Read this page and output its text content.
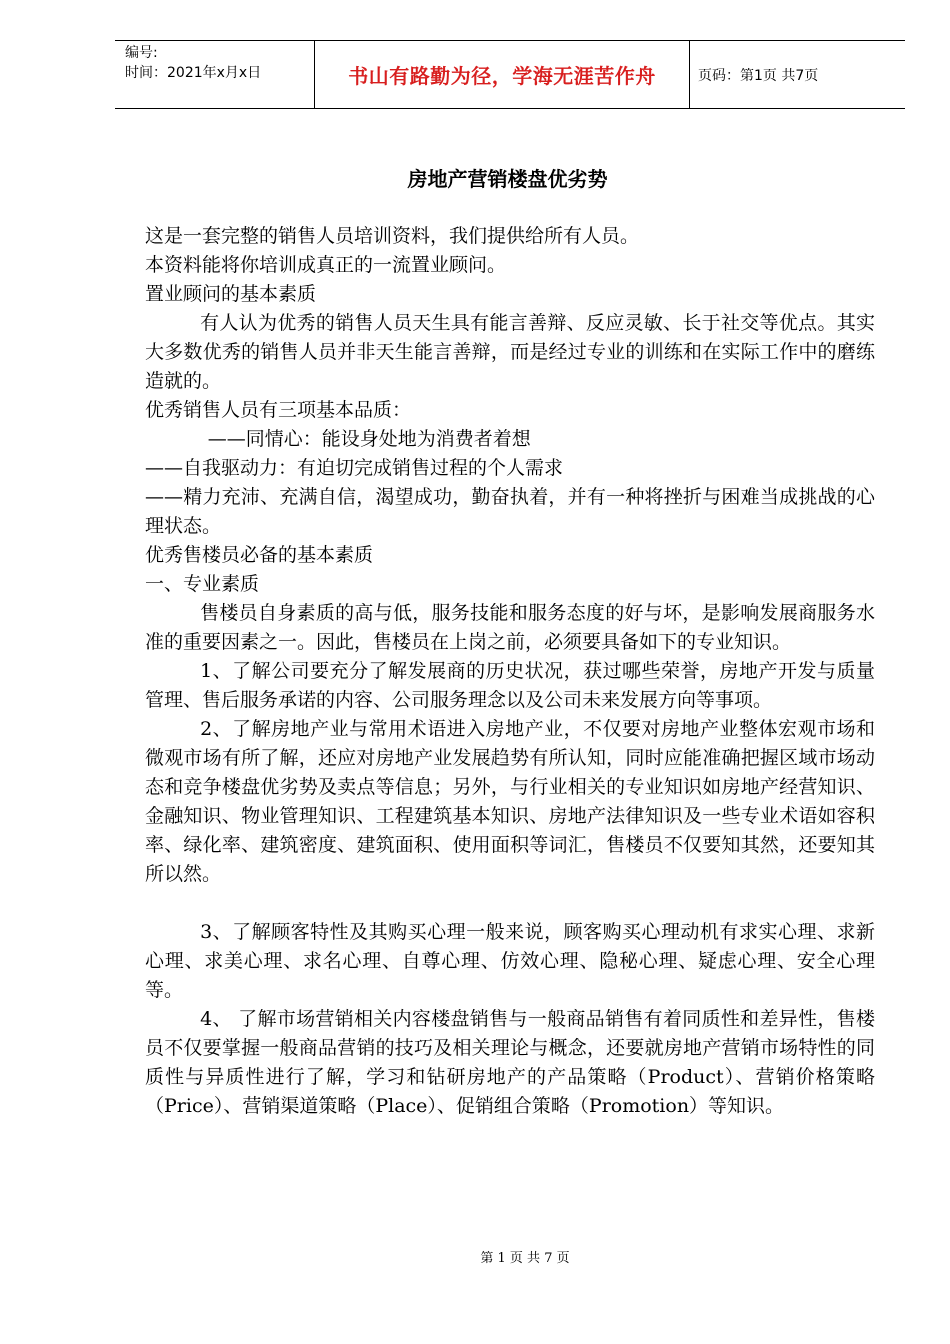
编号:
时间：2021年x月x日	书山有路勤为径，学海无涯苦作舟	页码：第1页 共7页
房地产营销楼盘优劣势

这是一套完整的销售人员培训资料，我们提供给所有人员。

本资料能将你培训成真正的一流置业顾问。

置业顾问的基本素质

有人认为优秀的销售人员天生具有能言善辩、反应灵敏、长于社交等优点。其实大多数优秀的销售人员并非天生能言善辩，而是经过专业的训练和在实际工作中的磨练造就的。

优秀销售人员有三项基本品质：

——同情心：能设身处地为消费者着想

——自我驱动力：有迫切完成销售过程的个人需求

——精力充沛、充满自信，渴望成功，勤奋执着，并有一种将挫折与困难当成挑战的心理状态。

优秀售楼员必备的基本素质

一、专业素质

售楼员自身素质的高与低，服务技能和服务态度的好与坏，是影响发展商服务水准的重要因素之一。因此，售楼员在上岗之前，必须要具备如下的专业知识。

1、了解公司要充分了解发展商的历史状况，获过哪些荣誉，房地产开发与质量管理、售后服务承诺的内容、公司服务理念以及公司未来发展方向等事项。

2、了解房地产业与常用术语进入房地产业，不仅要对房地产业整体宏观市场和微观市场有所了解，还应对房地产业发展趋势有所认知，同时应能准确把握区域市场动态和竞争楼盘优劣势及卖点等信息；另外，与行业相关的专业知识如房地产经营知识、金融知识、物业管理知识、工程建筑基本知识、房地产法律知识及一些专业术语如容积率、绿化率、建筑密度、建筑面积、使用面积等词汇，售楼员不仅要知其然，还要知其所以然。

3、了解顾客特性及其购买心理一般来说，顾客购买心理动机有求实心理、求新心理、求美心理、求名心理、自尊心理、仿效心理、隐秘心理、疑虑心理、安全心理等。

4、 了解市场营销相关内容楼盘销售与一般商品销售有着同质性和差异性，售楼员不仅要掌握一般商品营销的技巧及相关理论与概念，还要就房地产营销市场特性的同质性与异质性进行了解，学习和钻研房地产的产品策略（Product）、营销价格策略（Price）、营销渠道策略（Place）、促销组合策略（Promotion）等知识。

第 1 页 共 7 页
